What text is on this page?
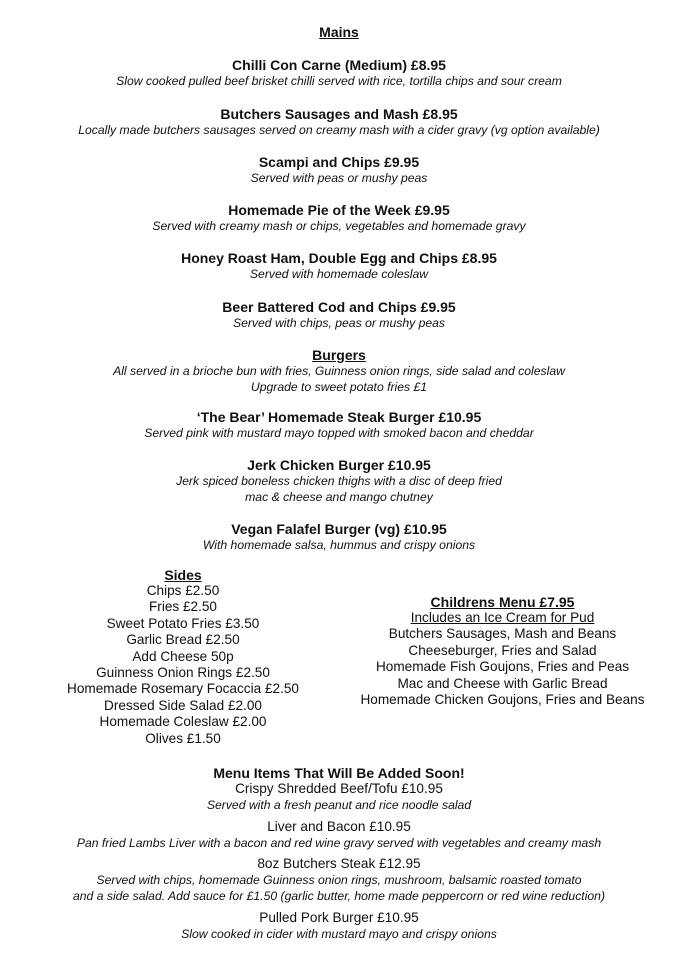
Mains
Chilli Con Carne (Medium) £8.95
Slow cooked pulled beef brisket chilli served with rice, tortilla chips and sour cream
Butchers Sausages and Mash £8.95
Locally made butchers sausages served on creamy mash with a cider gravy (vg option available)
Scampi and Chips £9.95
Served with peas or mushy peas
Homemade Pie of the Week £9.95
Served with creamy mash or chips, vegetables and homemade gravy
Honey Roast Ham, Double Egg and Chips £8.95
Served with homemade coleslaw
Beer Battered Cod and Chips £9.95
Served with chips, peas or mushy peas
Burgers
All served in a brioche bun with fries, Guinness onion rings, side salad and coleslaw
Upgrade to sweet potato fries £1
‘The Bear’ Homemade Steak Burger £10.95
Served pink with mustard mayo topped with smoked bacon and cheddar
Jerk Chicken Burger £10.95
Jerk spiced boneless chicken thighs with a disc of deep fried
mac & cheese and mango chutney
Vegan Falafel Burger (vg) £10.95
With homemade salsa, hummus and crispy onions
Sides
Chips £2.50
Fries £2.50
Sweet Potato Fries £3.50
Garlic Bread £2.50
Add Cheese 50p
Guinness Onion Rings £2.50
Homemade Rosemary Focaccia £2.50
Dressed Side Salad £2.00
Homemade Coleslaw £2.00
Olives £1.50
Childrens Menu £7.95
Includes an Ice Cream for Pud
Butchers Sausages, Mash and Beans
Cheeseburger, Fries and Salad
Homemade Fish Goujons, Fries and Peas
Mac and Cheese with Garlic Bread
Homemade Chicken Goujons, Fries and Beans
Menu Items That Will Be Added Soon!
Crispy Shredded Beef/Tofu £10.95
Served with a fresh peanut and rice noodle salad
Liver and Bacon £10.95
Pan fried Lambs Liver with a bacon and red wine gravy served with vegetables and creamy mash
8oz Butchers Steak £12.95
Served with chips, homemade Guinness onion rings, mushroom, balsamic roasted tomato
and a side salad. Add sauce for £1.50 (garlic butter, home made peppercorn or red wine reduction)
Pulled Pork Burger £10.95
Slow cooked in cider with mustard mayo and crispy onions
